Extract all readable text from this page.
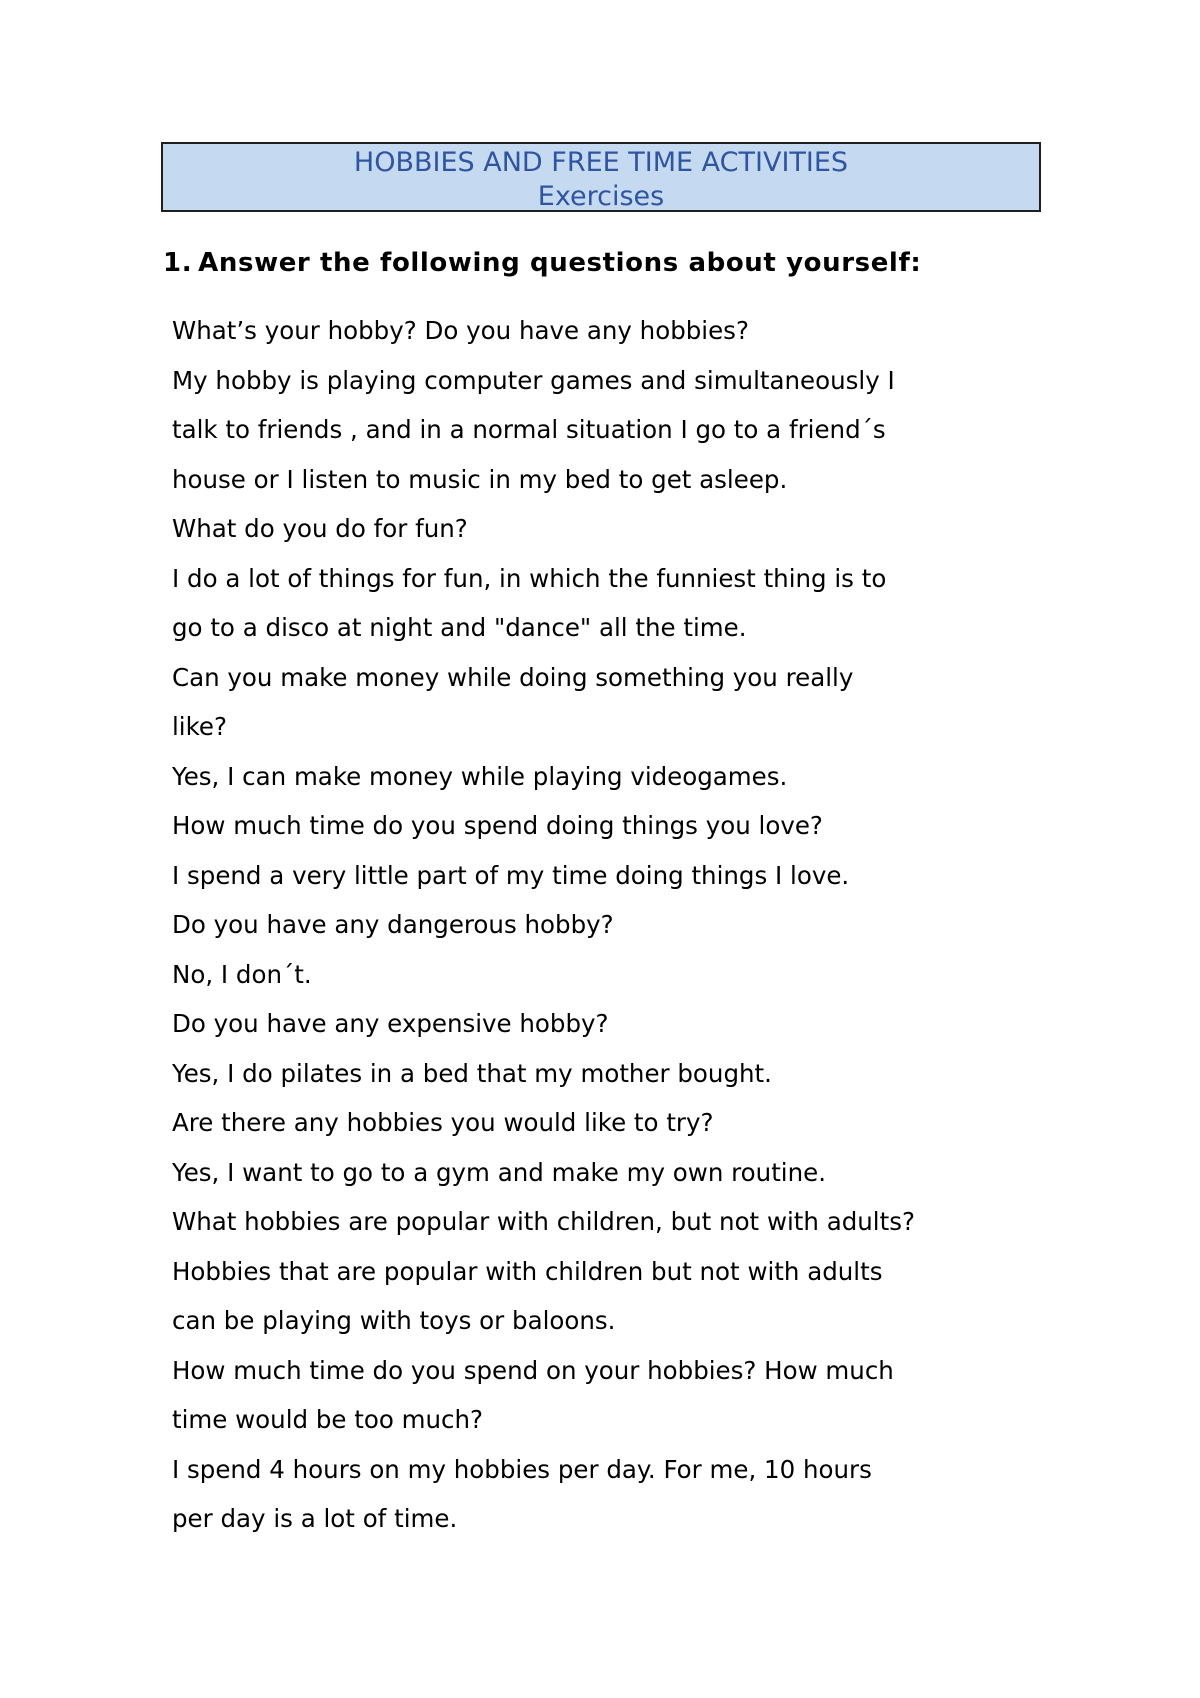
HOBBIES AND FREE TIME ACTIVITIES
Exercises
1. Answer the following questions about yourself:
What’s your hobby? Do you have any hobbies?
My hobby is playing computer games and simultaneously I
talk to friends , and in a normal situation I go to a friend´s
house or I listen to music in my bed to get asleep.
What do you do for fun?
I do a lot of things for fun, in which the funniest thing is to
go to a disco at night and "dance" all the time.
Can you make money while doing something you really
like?
Yes, I can make money while playing videogames.
How much time do you spend doing things you love?
I spend a very little part of my time doing things I love.
Do you have any dangerous hobby?
No, I don´t.
Do you have any expensive hobby?
Yes, I do pilates in a bed that my mother bought.
Are there any hobbies you would like to try?
Yes, I want to go to a gym and make my own routine.
What hobbies are popular with children, but not with adults?
Hobbies that are popular with children but not with adults
can be playing with toys or baloons.
How much time do you spend on your hobbies? How much
time would be too much?
I spend 4 hours on my hobbies per day. For me, 10 hours
per day is a lot of time.
